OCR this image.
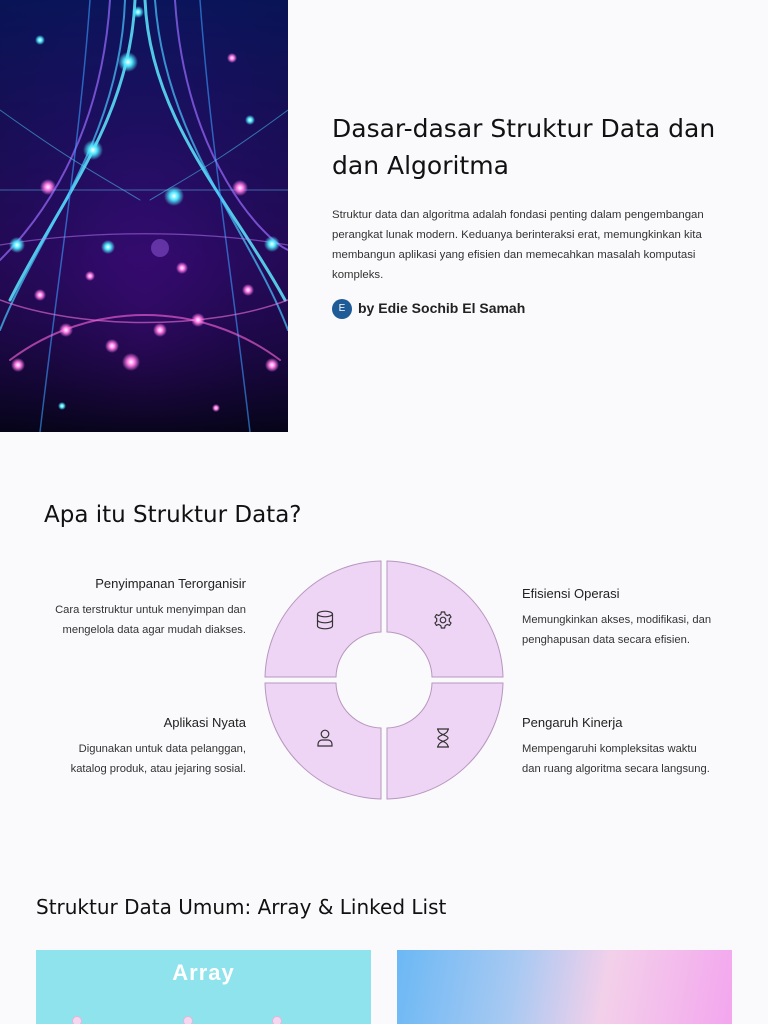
Dasar-dasar Struktur Data dan dan Algoritma

Struktur data dan algoritma adalah fondasi penting dalam pengembangan perangkat lunak modern. Keduanya berinteraksi erat, memungkinkan kita membangun aplikasi yang efisien dan memecahkan masalah komputasi kompleks.

E by Edie Sochib El Samah
Apa itu Struktur Data?
Penyimpanan Terorganisir
Cara terstruktur untuk menyimpan dan
mengelola data agar mudah diakses.
Efisiensi Operasi
Memungkinkan akses, modifikasi, dan
penghapusan data secara efisien.
Aplikasi Nyata
Digunakan untuk data pelanggan,
katalog produk, atau jejaring sosial.
Pengaruh Kinerja
Mempengaruhi kompleksitas waktu
dan ruang algoritma secara langsung.
Struktur Data Umum: Array & Linked List
Array
